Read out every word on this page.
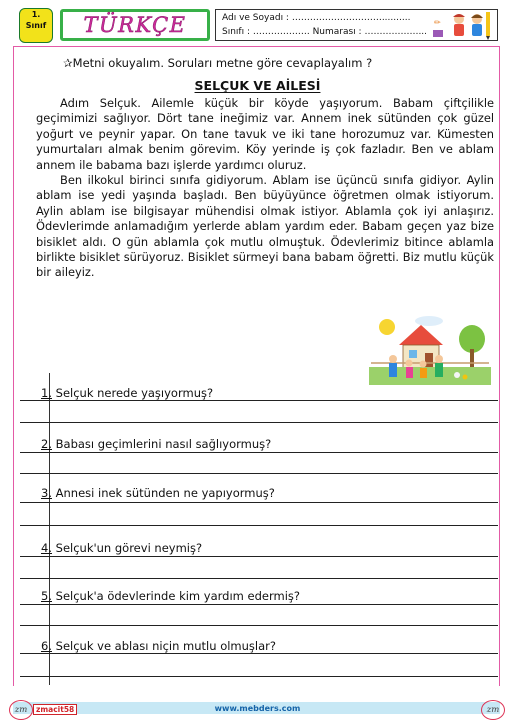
1.
Sınıf TÜRKÇE	Adı ve Soyadı : …………………………..........
Sınıfı : ………………. Numarası : ………………...
✏
✰Metni okuyalım. Soruları metne göre cevaplayalım ?
SELÇUK VE AİLESİ

Adım Selçuk. Ailemle küçük bir köyde yaşıyorum. Babam çiftçilikle geçimimizi sağlıyor. Dört tane ineğimiz var. Annem inek sütünden çok güzel yoğurt ve peynir yapar. On tane tavuk ve iki tane horozumuz var. Kümesten yumurtaları almak benim görevim. Köy yerinde iş çok fazladır. Ben ve ablam annem ile babama bazı işlerde yardımcı oluruz.

Ben ilkokul birinci sınıfa gidiyorum. Ablam ise üçüncü sınıfa gidiyor. Aylin ablam ise yedi yaşında başladı. Ben büyüyünce öğretmen olmak istiyorum. Aylin ablam ise bilgisayar mühendisi olmak istiyor. Ablamla çok iyi anlaşırız. Ödevlerimde anlamadığım yerlerde ablam yardım eder. Babam geçen yaz bize bisiklet aldı. O gün ablamla çok mutlu olmuştuk. Ödevlerimiz bitince ablamla birlikte bisiklet sürüyoruz. Bisiklet sürmeyi bana babam öğretti. Biz mutlu küçük bir aileyiz.

1. Selçuk nerede yaşıyormuş?
2. Babası geçimlerini nasıl sağlıyormuş?
3. Annesi inek sütünden ne yapıyormuş?
4. Selçuk'un görevi neymiş?
5. Selçuk'a ödevlerinde kim yardım edermiş?
6. Selçuk ve ablası niçin mutlu olmuşlar?
zm	zmacit58	www.mebders.com	zm
